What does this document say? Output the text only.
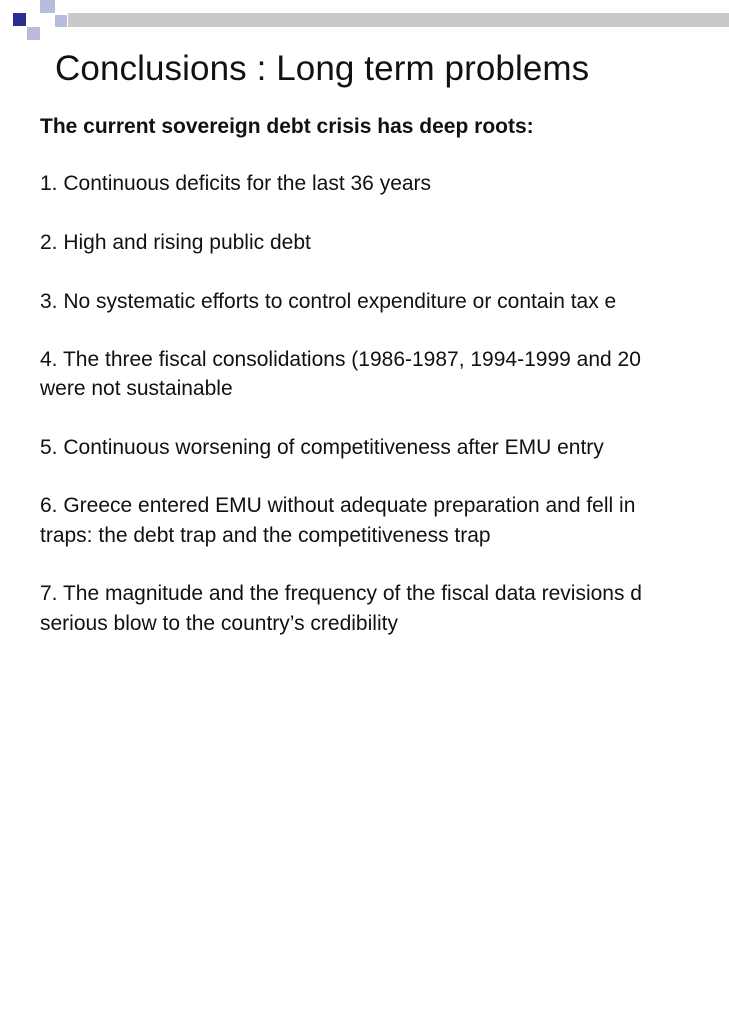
Conclusions : Long term problems
The current sovereign debt crisis has deep roots:
1. Continuous deficits for the last 36 years
2. High and rising public debt
3. No systematic efforts to control expenditure or contain tax e
4. The three fiscal consolidations (1986-1987, 1994-1999 and 20
were not sustainable
5. Continuous worsening of competitiveness after EMU entry
6. Greece entered EMU without adequate preparation and fell in
traps: the debt trap and the competitiveness trap
7. The magnitude and the frequency of the fiscal data revisions d
serious blow to the country’s credibility
